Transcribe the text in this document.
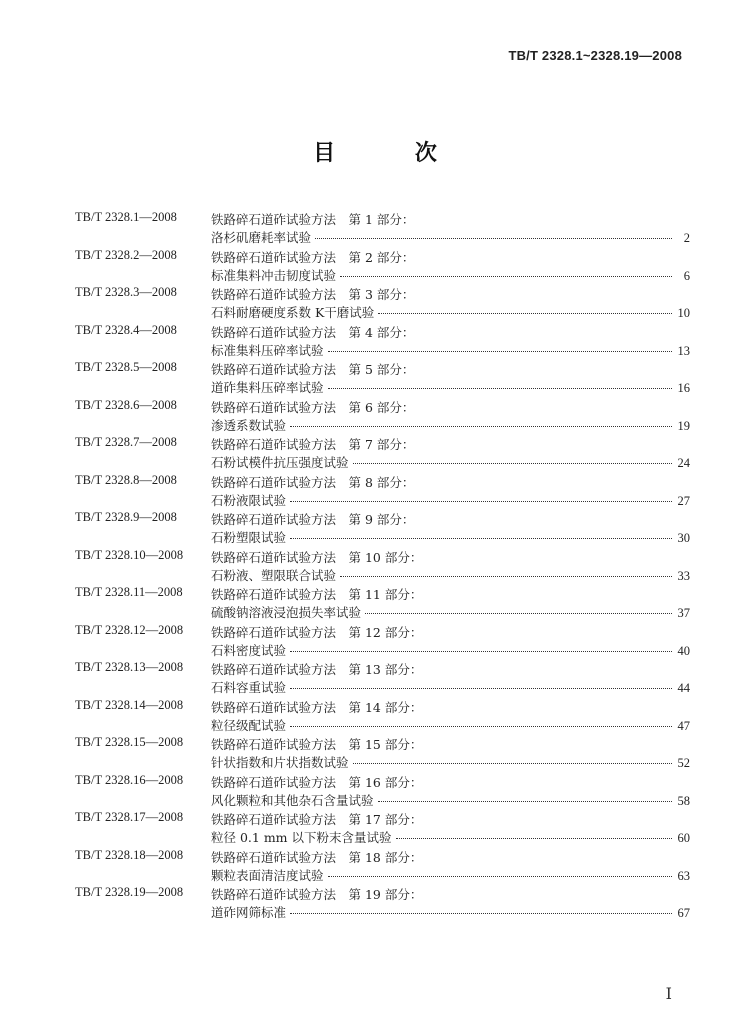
TB/T 2328.1~2328.19—2008
目 次
TB/T 2328.1—2008	铁路碎石道砟试验方法　第 1 部分：
洛杉矶磨耗率试验	2
TB/T 2328.2—2008	铁路碎石道砟试验方法　第 2 部分：
标准集料冲击韧度试验	6
TB/T 2328.3—2008	铁路碎石道砟试验方法　第 3 部分：
石料耐磨硬度系数 K干磨试验	10
TB/T 2328.4—2008	铁路碎石道砟试验方法　第 4 部分：
标准集料压碎率试验	13
TB/T 2328.5—2008	铁路碎石道砟试验方法　第 5 部分：
道砟集料压碎率试验	16
TB/T 2328.6—2008	铁路碎石道砟试验方法　第 6 部分：
渗透系数试验	19
TB/T 2328.7—2008	铁路碎石道砟试验方法　第 7 部分：
石粉试模件抗压强度试验	24
TB/T 2328.8—2008	铁路碎石道砟试验方法　第 8 部分：
石粉液限试验	27
TB/T 2328.9—2008	铁路碎石道砟试验方法　第 9 部分：
石粉塑限试验	30
TB/T 2328.10—2008	铁路碎石道砟试验方法　第 10 部分：
石粉液、塑限联合试验	33
TB/T 2328.11—2008	铁路碎石道砟试验方法　第 11 部分：
硫酸钠溶液浸泡损失率试验	37
TB/T 2328.12—2008	铁路碎石道砟试验方法　第 12 部分：
石料密度试验	40
TB/T 2328.13—2008	铁路碎石道砟试验方法　第 13 部分：
石料容重试验	44
TB/T 2328.14—2008	铁路碎石道砟试验方法　第 14 部分：
粒径级配试验	47
TB/T 2328.15—2008	铁路碎石道砟试验方法　第 15 部分：
针状指数和片状指数试验	52
TB/T 2328.16—2008	铁路碎石道砟试验方法　第 16 部分：
风化颗粒和其他杂石含量试验	58
TB/T 2328.17—2008	铁路碎石道砟试验方法　第 17 部分：
粒径 0.1 mm 以下粉末含量试验	60
TB/T 2328.18—2008	铁路碎石道砟试验方法　第 18 部分：
颗粒表面清洁度试验	63
TB/T 2328.19—2008	铁路碎石道砟试验方法　第 19 部分：
道砟网筛标准	67
I
